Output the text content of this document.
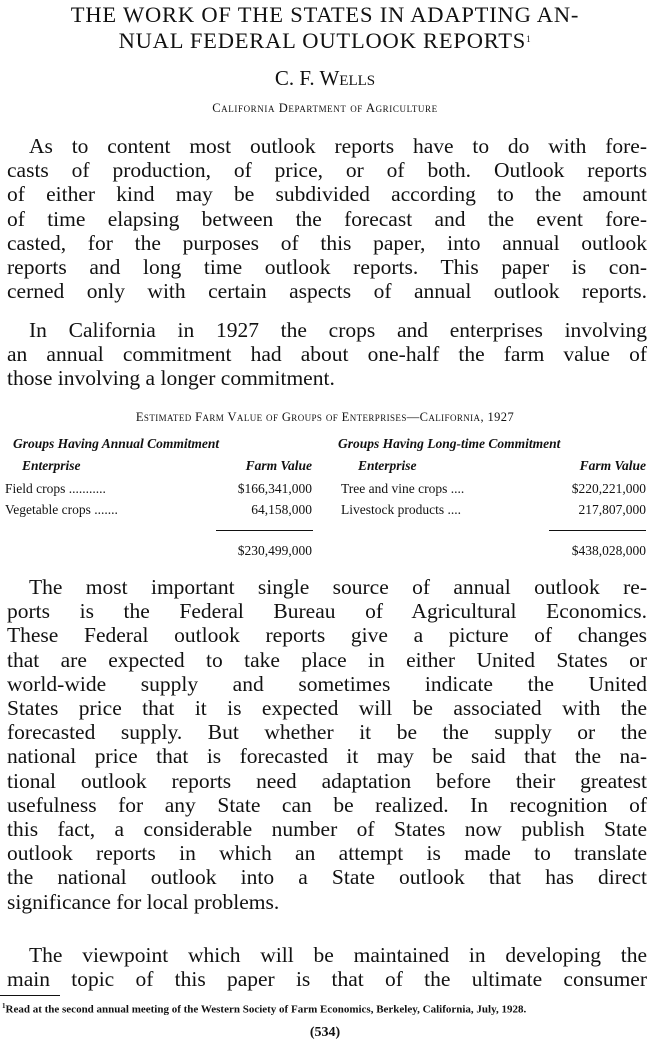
THE WORK OF THE STATES IN ADAPTING AN-
NUAL FEDERAL OUTLOOK REPORTS$^1$
C. F. Wells
California Department of Agriculture
As to content most outlook reports have to do with fore-
casts of production, of price, or of both. Outlook reports
of either kind may be subdivided according to the amount
of time elapsing between the forecast and the event fore-
casted, for the purposes of this paper, into annual outlook
reports and long time outlook reports. This paper is con-
cerned only with certain aspects of annual outlook reports.
In California in 1927 the crops and enterprises involving
an annual commitment had about one-half the farm value of
those involving a longer commitment.
Estimated Farm Value of Groups of Enterprises—California, 1927
Groups Having Annual Commitment
Enterprise	Farm Value
Field crops ...........	$166,341,000
Vegetable crops .......	64,158,000
$230,499,000
Groups Having Long-time Commitment
Enterprise	Farm Value
Tree and vine crops ....	$220,221,000
Livestock products ....	217,807,000
$438,028,000
The most important single source of annual outlook re-
ports is the Federal Bureau of Agricultural Economics.
These Federal outlook reports give a picture of changes
that are expected to take place in either United States or
world-wide supply and sometimes indicate the United
States price that it is expected will be associated with the
forecasted supply. But whether it be the supply or the
national price that is forecasted it may be said that the na-
tional outlook reports need adaptation before their greatest
usefulness for any State can be realized. In recognition of
this fact, a considerable number of States now publish State
outlook reports in which an attempt is made to translate
the national outlook into a State outlook that has direct
significance for local problems.
The viewpoint which will be maintained in developing the
main topic of this paper is that of the ultimate consumer
$^1$Read at the second annual meeting of the Western Society of Farm Economics, Berkeley, California, July, 1928.
(534)
